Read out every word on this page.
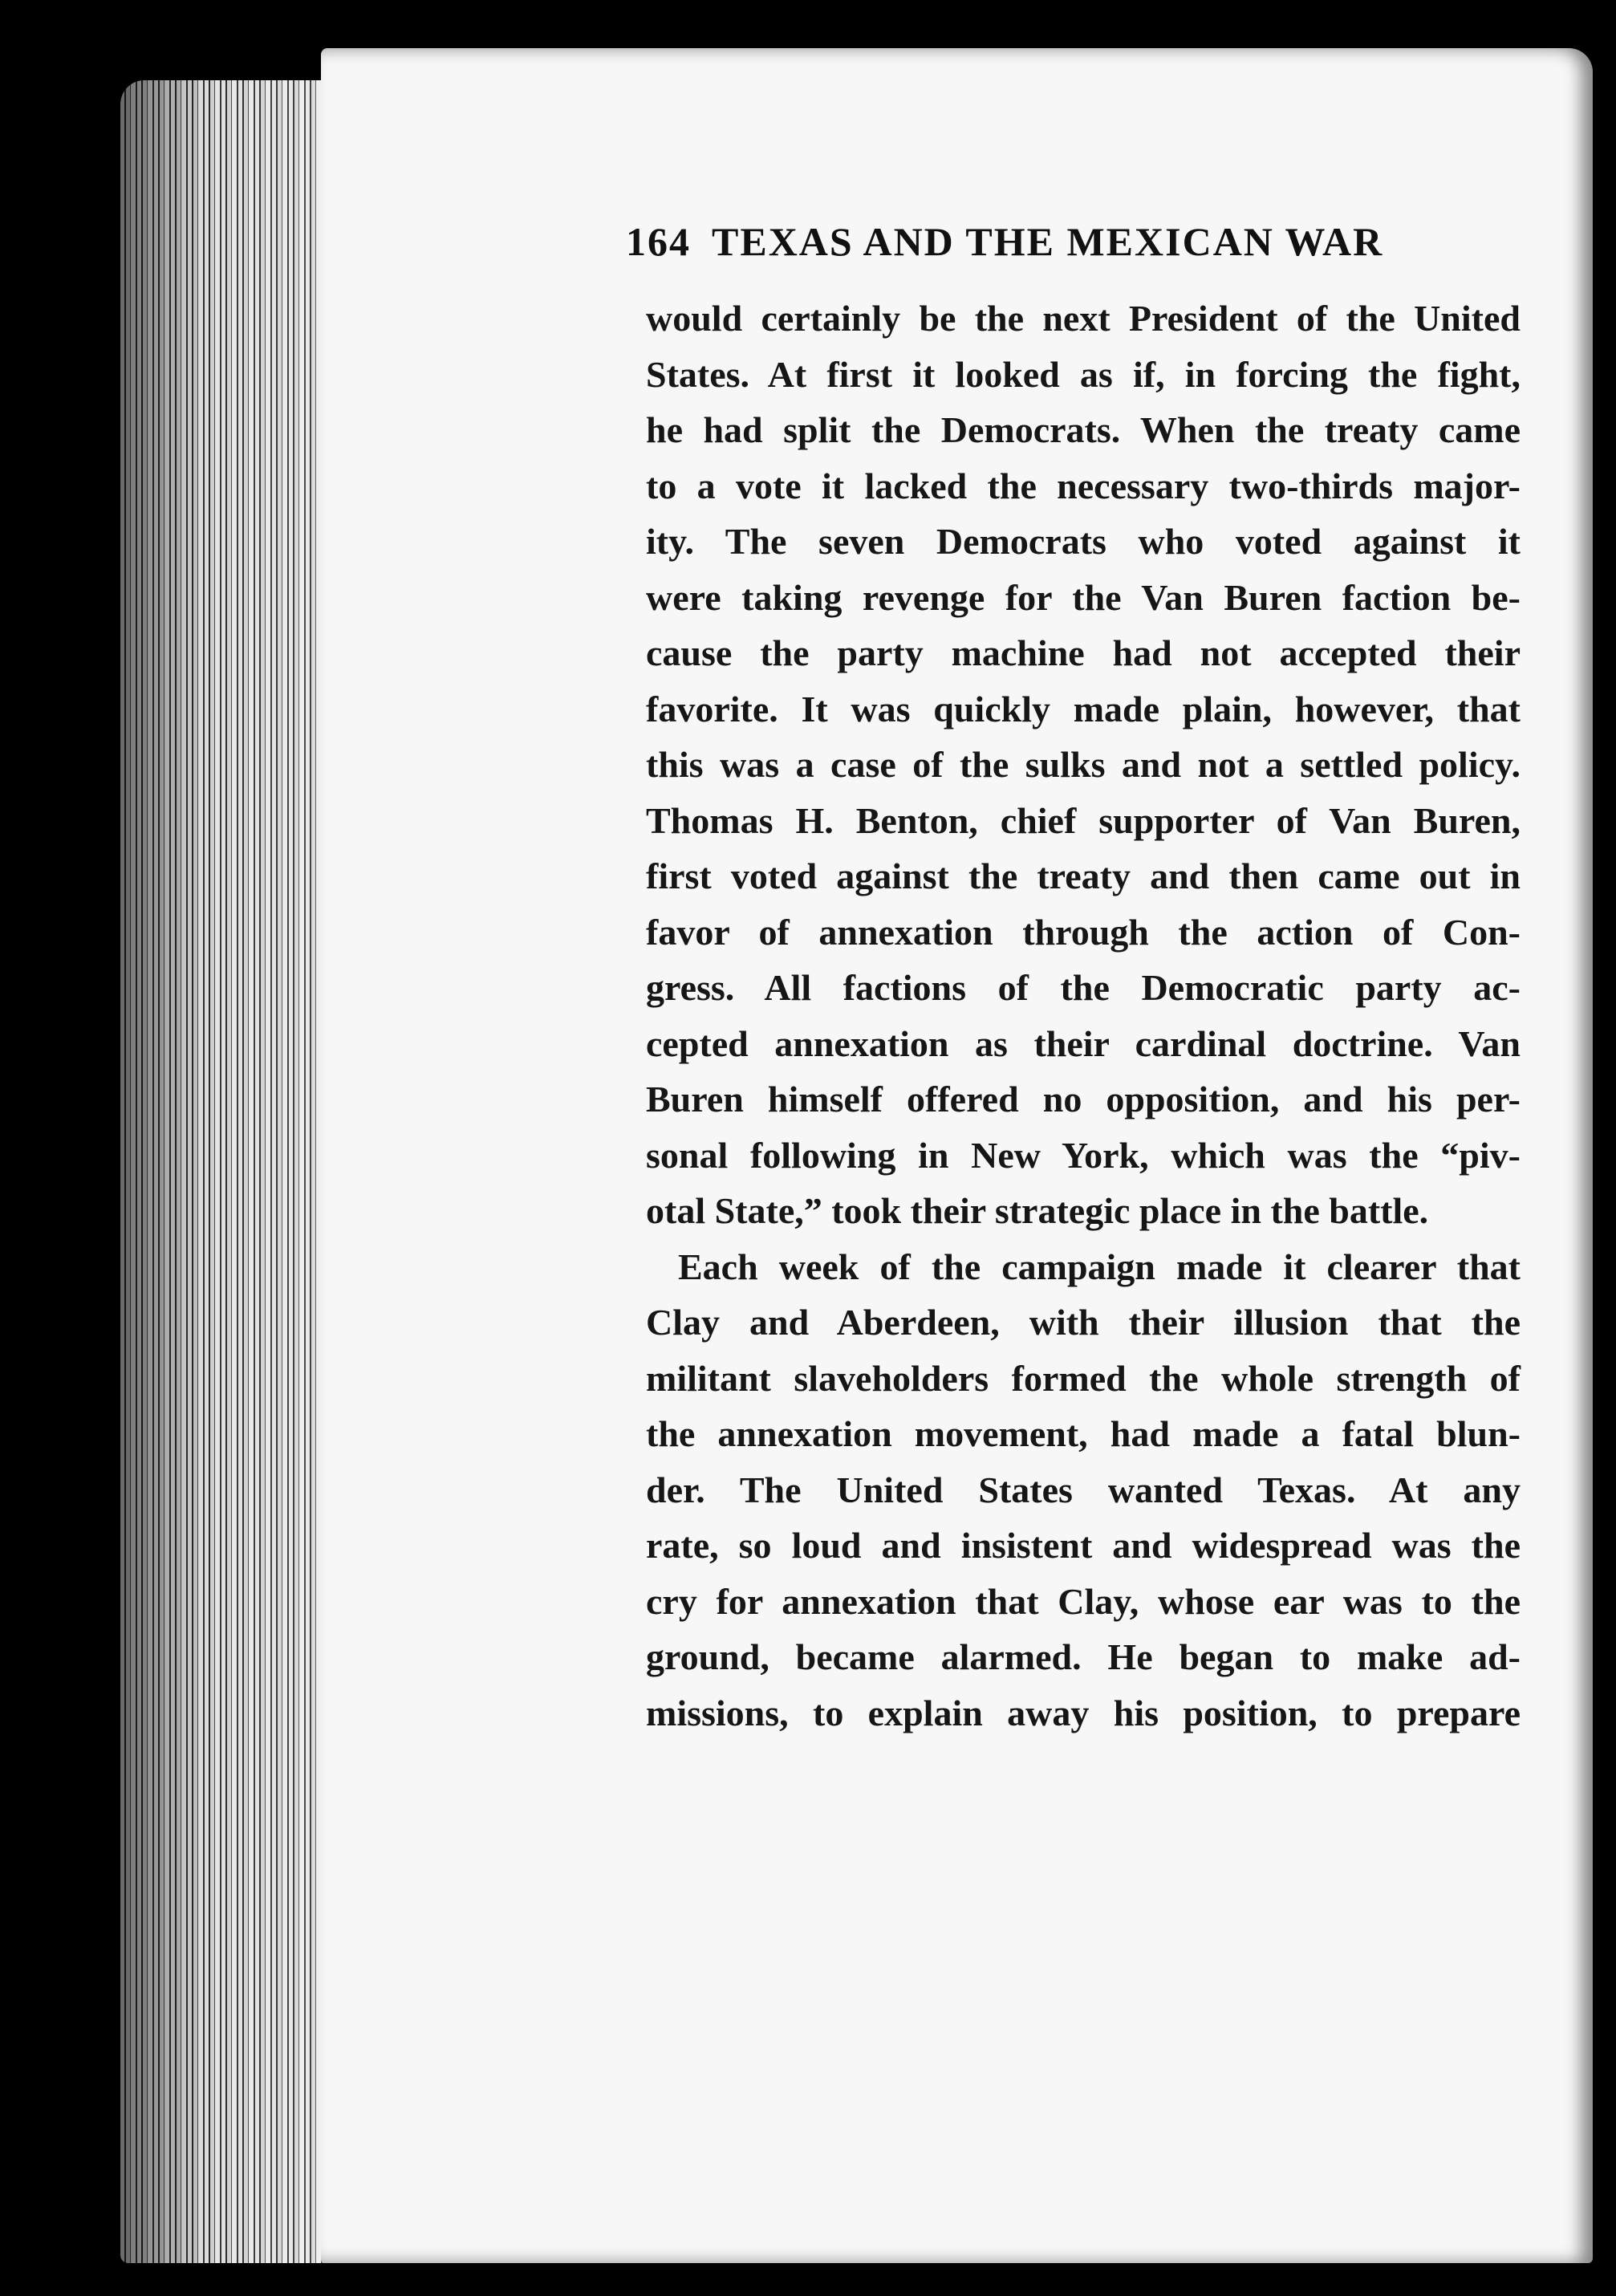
164 TEXAS AND THE MEXICAN WAR
would certainly be the next President of the United
States. At first it looked as if, in forcing the fight,
he had split the Democrats. When the treaty came
to a vote it lacked the necessary two-thirds major-
ity. The seven Democrats who voted against it
were taking revenge for the Van Buren faction be-
cause the party machine had not accepted their
favorite. It was quickly made plain, however, that
this was a case of the sulks and not a settled policy.
Thomas H. Benton, chief supporter of Van Buren,
first voted against the treaty and then came out in
favor of annexation through the action of Con-
gress. All factions of the Democratic party ac-
cepted annexation as their cardinal doctrine. Van
Buren himself offered no opposition, and his per-
sonal following in New York, which was the “piv-
otal State,” took their strategic place in the battle.
Each week of the campaign made it clearer that
Clay and Aberdeen, with their illusion that the
militant slaveholders formed the whole strength of
the annexation movement, had made a fatal blun-
der. The United States wanted Texas. At any
rate, so loud and insistent and widespread was the
cry for annexation that Clay, whose ear was to the
ground, became alarmed. He began to make ad-
missions, to explain away his position, to prepare
